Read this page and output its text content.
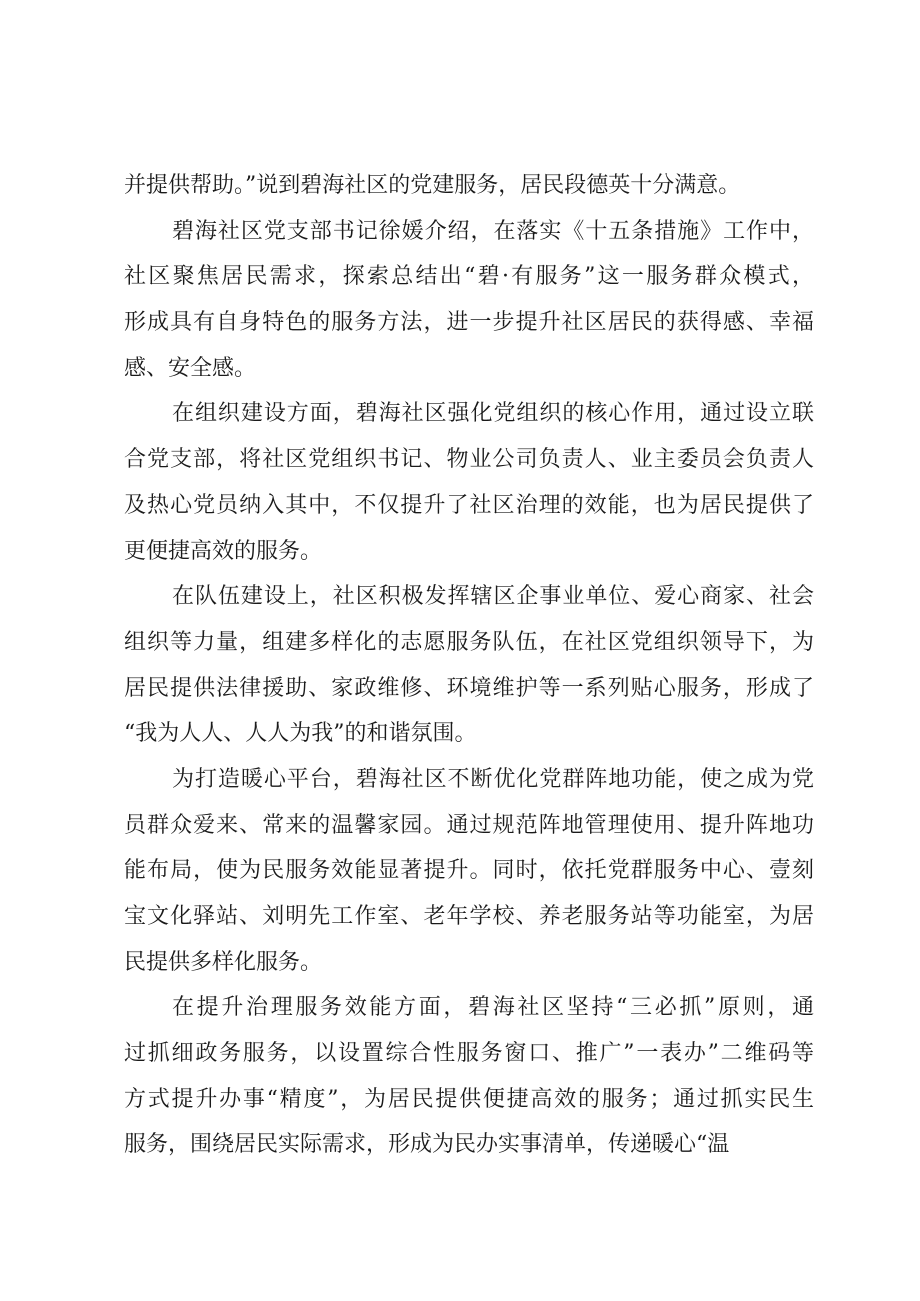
并提供帮助。”说到碧海社区的党建服务，居民段德英十分满意。
碧海社区党支部书记徐媛介绍，在落实《十五条措施》工作中，
社区聚焦居民需求，探索总结出“碧·有服务”这一服务群众模式，
形成具有自身特色的服务方法，进一步提升社区居民的获得感、幸福
感、安全感。
在组织建设方面，碧海社区强化党组织的核心作用，通过设立联
合党支部，将社区党组织书记、物业公司负责人、业主委员会负责人
及热心党员纳入其中，不仅提升了社区治理的效能，也为居民提供了
更便捷高效的服务。
在队伍建设上，社区积极发挥辖区企事业单位、爱心商家、社会
组织等力量，组建多样化的志愿服务队伍，在社区党组织领导下，为
居民提供法律援助、家政维修、环境维护等一系列贴心服务，形成了
“我为人人、人人为我”的和谐氛围。
为打造暖心平台，碧海社区不断优化党群阵地功能，使之成为党
员群众爱来、常来的温馨家园。通过规范阵地管理使用、提升阵地功
能布局，使为民服务效能显著提升。同时，依托党群服务中心、壹刻
宝文化驿站、刘明先工作室、老年学校、养老服务站等功能室，为居
民提供多样化服务。
在提升治理服务效能方面，碧海社区坚持“三必抓”原则，通
过抓细政务服务，以设置综合性服务窗口、推广”一表办”二维码等
方式提升办事“精度”，为居民提供便捷高效的服务；通过抓实民生
服务，围绕居民实际需求，形成为民办实事清单，传递暖心“温
